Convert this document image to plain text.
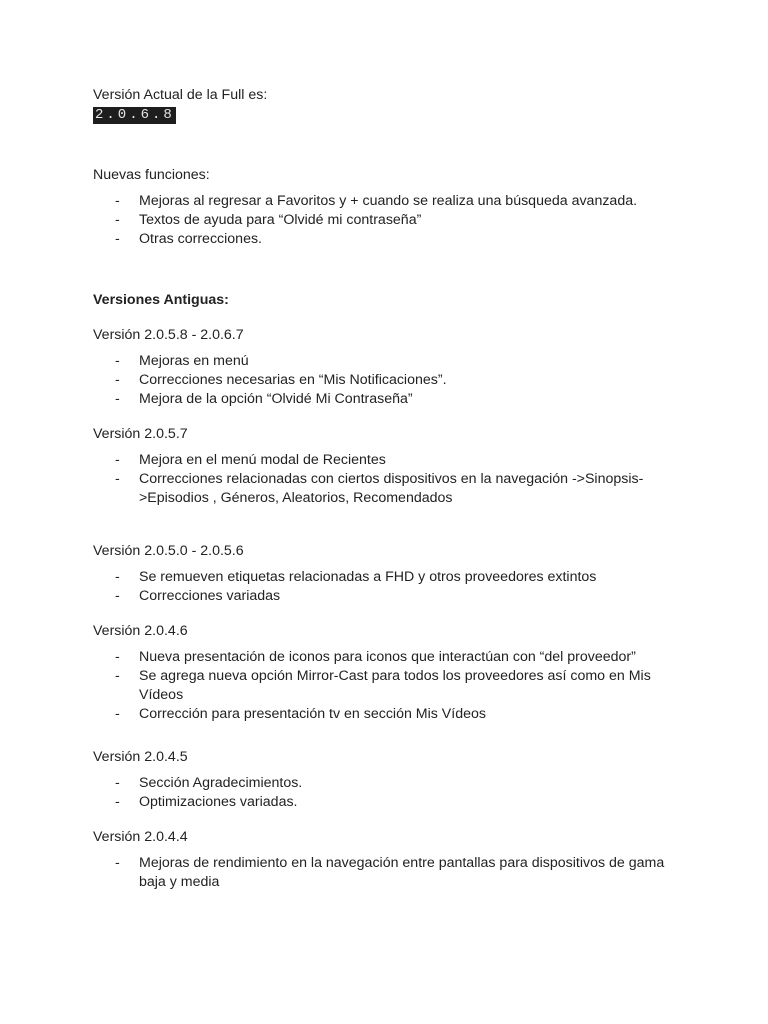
Versión Actual de la Full es:

2.0.6.8

Nuevas funciones:

- Mejoras al regresar a Favoritos y + cuando se realiza una búsqueda avanzada.
- Textos de ayuda para “Olvidé mi contraseña”
- Otras correcciones.

Versiones Antiguas:

Versión 2.0.5.8 - 2.0.6.7

- Mejoras en menú
- Correcciones necesarias en “Mis Notificaciones”.
- Mejora de la opción “Olvidé Mi Contraseña”

Versión 2.0.5.7

- Mejora en el menú modal de Recientes
- Correcciones relacionadas con ciertos dispositivos en la navegación ->Sinopsis->Episodios , Géneros, Aleatorios, Recomendados

Versión 2.0.5.0 - 2.0.5.6

- Se remueven etiquetas relacionadas a FHD y otros proveedores extintos
- Correcciones variadas

Versión 2.0.4.6

- Nueva presentación de iconos para iconos que interactúan con “del proveedor”
- Se agrega nueva opción Mirror-Cast para todos los proveedores así como en Mis Vídeos
- Corrección para presentación tv en sección Mis Vídeos

Versión 2.0.4.5

- Sección Agradecimientos.
- Optimizaciones variadas.

Versión 2.0.4.4

- Mejoras de rendimiento en la navegación entre pantallas para dispositivos de gama baja y media
